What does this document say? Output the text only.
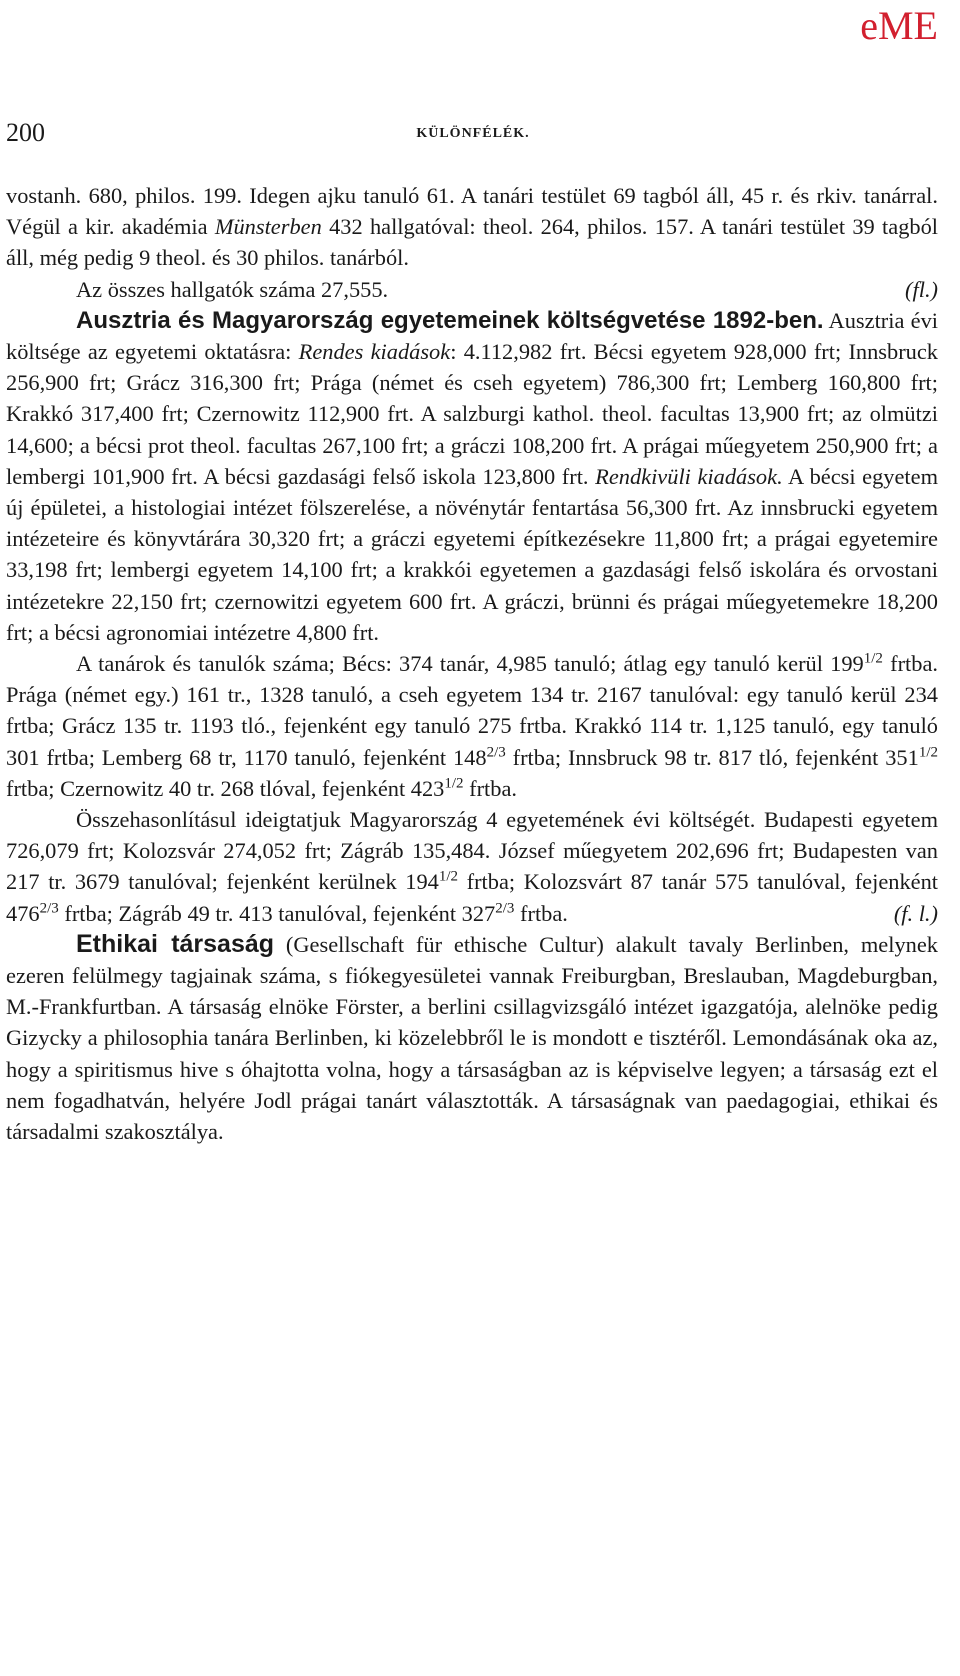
eME
200	KÜLÖNFÉLÉK.

vostanh. 680, philos. 199. Idegen ajku tanuló 61. A tanári testület 69 tagból áll, 45 r. és rkiv. tanárral. Végül a kir. akadémia Münsterben 432 hallgatóval: theol. 264, philos. 157. A tanári testület 39 tagból áll, még pedig 9 theol. és 30 philos. tanárból.

Az összes hallgatók száma 27,555.	(fl.)

Ausztria és Magyarország egyetemeinek költségvetése 1892-ben. Ausztria évi költsége az egyetemi oktatásra: Rendes kiadások: 4.112,982 frt. Bécsi egyetem 928,000 frt; Innsbruck 256,900 frt; Grácz 316,300 frt; Prága (német és cseh egyetem) 786,300 frt; Lemberg 160,800 frt; Krakkó 317,400 frt; Czernowitz 112,900 frt. A salzburgi kathol. theol. facultas 13,900 frt; az olmützi 14,600; a bécsi prot theol. facultas 267,100 frt; a gráczi 108,200 frt. A prágai műegyetem 250,900 frt; a lembergi 101,900 frt. A bécsi gazdasági felső iskola 123,800 frt. Rendkivüli kiadások. A bécsi egyetem új épületei, a histologiai intézet fölszerelése, a növénytár fentartása 56,300 frt. Az innsbrucki egyetem intézeteire és könyvtárára 30,320 frt; a gráczi egyetemi építkezésekre 11,800 frt; a prágai egyetemire 33,198 frt; lembergi egyetem 14,100 frt; a krakkói egyetemen a gazdasági felső iskolára és orvostani intézetekre 22,150 frt; czernowitzi egyetem 600 frt. A gráczi, brünni és prágai műegyetemekre 18,200 frt; a bécsi agronomiai intézetre 4,800 frt.

A tanárok és tanulók száma; Bécs: 374 tanár, 4,985 tanuló; átlag egy tanuló kerül $199^{1/2}$ frtba. Prága (német egy.) 161 tr., 1328 tanuló, a cseh egyetem 134 tr. 2167 tanulóval: egy tanuló kerül 234 frtba; Grácz 135 tr. 1193 tló., fejenként egy tanuló 275 frtba. Krakkó 114 tr. 1,125 tanuló, egy tanuló 301 frtba; Lemberg 68 tr, 1170 tanuló, fejenként $148^{2/3}$ frtba; Innsbruck 98 tr. 817 tló, fejenként $351^{1/2}$ frtba; Czernowitz 40 tr. 268 tlóval, fejenként $423^{1/2}$ frtba.

Összehasonlításul ideigtatjuk Magyarország 4 egyetemének évi költségét. Budapesti egyetem 726,079 frt; Kolozsvár 274,052 frt; Zágráb 135,484. József műegyetem 202,696 frt; Budapesten van 217 tr. 3679 tanulóval; fejenként kerülnek $194^{1/2}$ frtba; Kolozsvárt 87 tanár 575 tanulóval, fejenként $476^{2/3}$ frtba; Zágráb 49 tr. 413 tanulóval, fejenként $327^{2/3}$ frtba.	(f. l.)

Ethikai társaság (Gesellschaft für ethische Cultur) alakult tavaly Berlinben, melynek ezeren felülmegy tagjainak száma, s fiókegyesületei vannak Freiburgban, Breslauban, Magdeburgban, M.-Frankfurtban. A társaság elnöke Förster, a berlini csillagvizsgáló intézet igazgatója, alelnöke pedig Gizycky a philosophia tanára Berlinben, ki közelebbről le is mondott e tisztéről. Lemondásának oka az, hogy a spiritismus hive s óhajtotta volna, hogy a társaságban az is képviselve legyen; a társaság ezt el nem fogadhatván, helyére Jodl prágai tanárt választották. A társaságnak van paedagogiai, ethikai és társadalmi szakosztálya.
